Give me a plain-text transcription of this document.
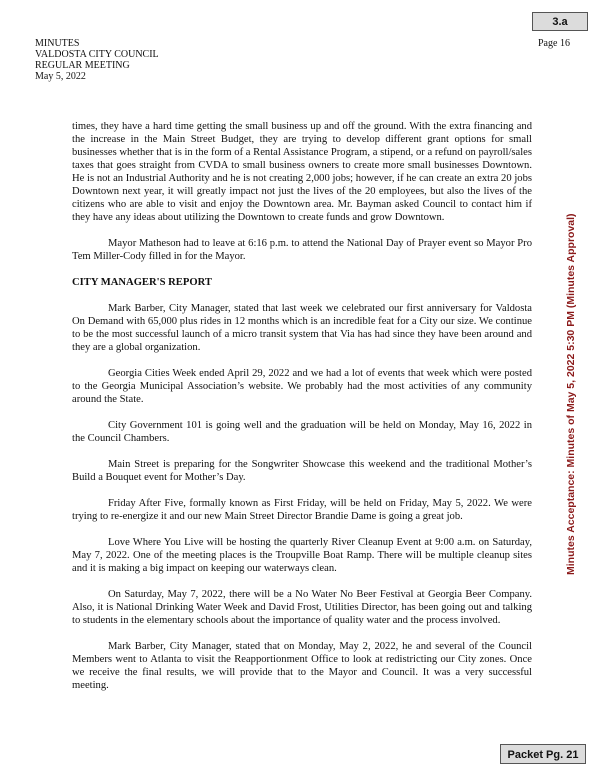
3.a
MINUTES
VALDOSTA CITY COUNCIL
REGULAR MEETING
May 5, 2022
Page 16

times, they have a hard time getting the small business up and off the ground. With the extra financing and the increase in the Main Street Budget, they are trying to develop different grant options for small businesses whether that is in the form of a Rental Assistance Program, a stipend, or a refund on payroll/sales taxes that goes straight from CVDA to small business owners to create more small businesses Downtown. He is not an Industrial Authority and he is not creating 2,000 jobs; however, if he can create an extra 20 jobs Downtown next year, it will greatly impact not just the lives of the 20 employees, but also the lives of the citizens who are able to visit and enjoy the Downtown area. Mr. Bayman asked Council to contact him if they have any ideas about utilizing the Downtown to create funds and grow Downtown.

Mayor Matheson had to leave at 6:16 p.m. to attend the National Day of Prayer event so Mayor Pro Tem Miller-Cody filled in for the Mayor.

CITY MANAGER'S REPORT

Mark Barber, City Manager, stated that last week we celebrated our first anniversary for Valdosta On Demand with 65,000 plus rides in 12 months which is an incredible feat for a City our size. We continue to be the most successful launch of a micro transit system that Via has had since they have been around and they are a global organization.

Georgia Cities Week ended April 29, 2022 and we had a lot of events that week which were posted to the Georgia Municipal Association’s website. We probably had the most activities of any community around the State.

City Government 101 is going well and the graduation will be held on Monday, May 16, 2022 in the Council Chambers.

Main Street is preparing for the Songwriter Showcase this weekend and the traditional Mother’s Build a Bouquet event for Mother’s Day.

Friday After Five, formally known as First Friday, will be held on Friday, May 5, 2022. We were trying to re-energize it and our new Main Street Director Brandie Dame is going a great job.

Love Where You Live will be hosting the quarterly River Cleanup Event at 9:00 a.m. on Saturday, May 7, 2022. One of the meeting places is the Troupville Boat Ramp. There will be multiple cleanup sites and it is making a big impact on keeping our waterways clean.

On Saturday, May 7, 2022, there will be a No Water No Beer Festival at Georgia Beer Company. Also, it is National Drinking Water Week and David Frost, Utilities Director, has been going out and talking to students in the elementary schools about the importance of quality water and the process involved.

Mark Barber, City Manager, stated that on Monday, May 2, 2022, he and several of the Council Members went to Atlanta to visit the Reapportionment Office to look at redistricting our City zones. Once we receive the final results, we will provide that to the Mayor and Council. It was a very successful meeting.

Minutes Acceptance: Minutes of May 5, 2022 5:30 PM (Minutes Approval)
Packet Pg. 21
